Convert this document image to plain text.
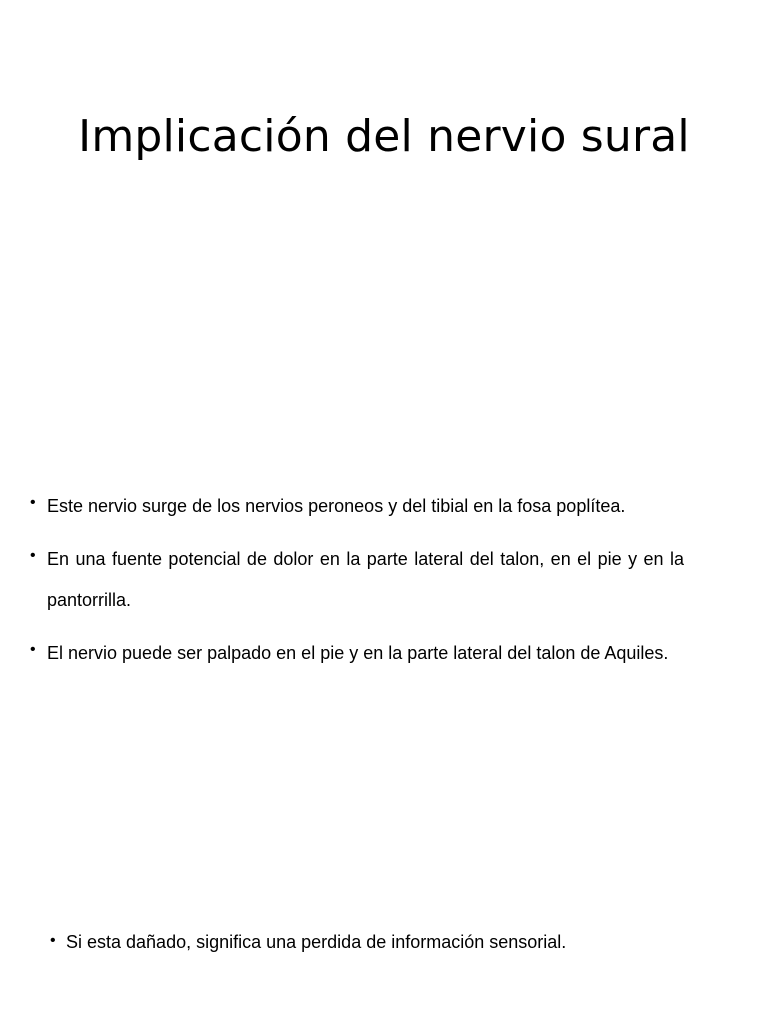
Implicación del nervio sural
• Este nervio surge de los nervios peroneos y del tibial en la fosa poplítea.
• En una fuente potencial de dolor en la parte lateral del talon, en el pie y en la pantorrilla.
• El nervio puede ser palpado en el pie y en la parte lateral del talon de Aquiles.
• Si esta dañado, significa una perdida de información sensorial.
